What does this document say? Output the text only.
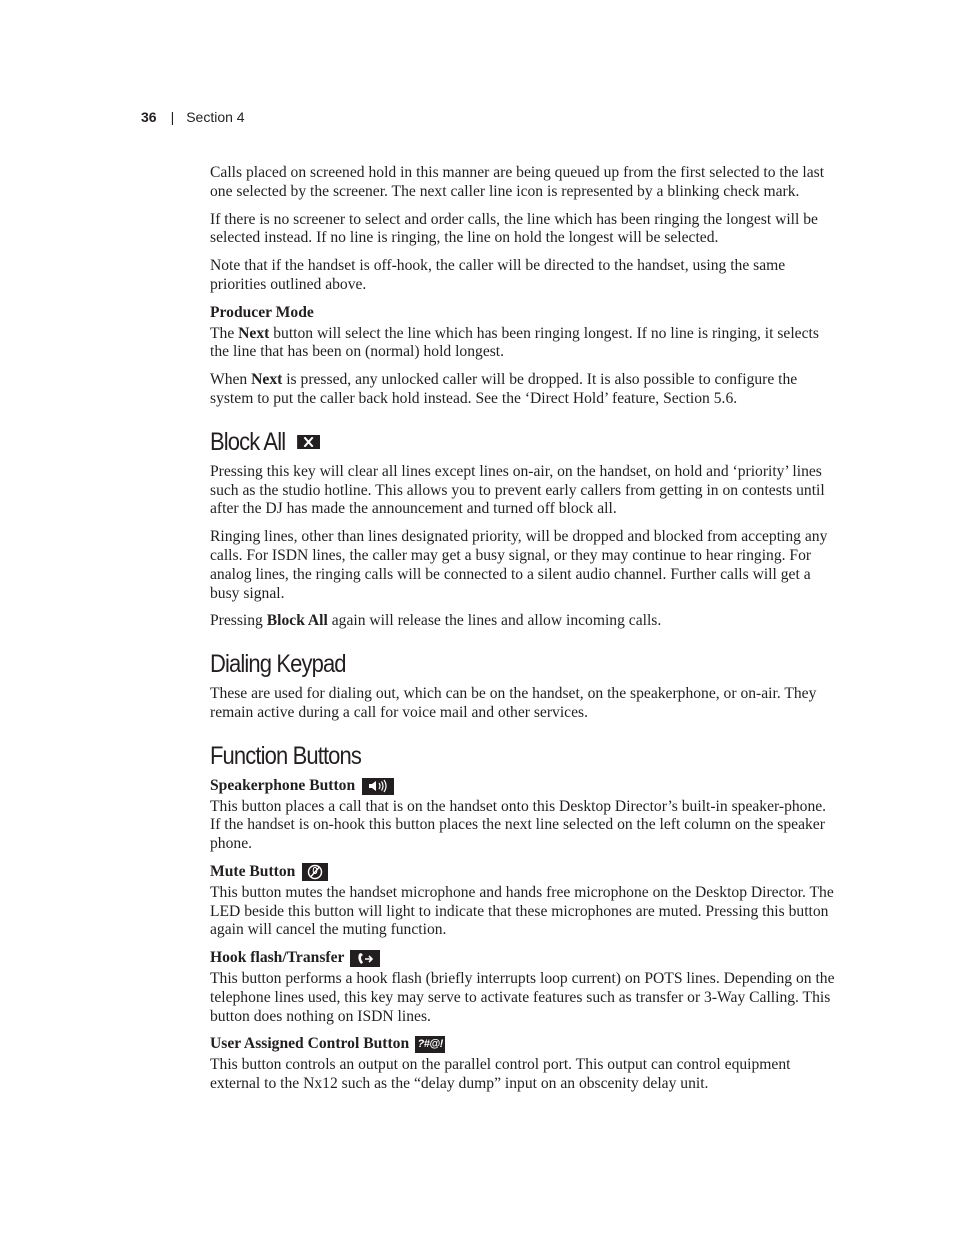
36 | Section 4

Calls placed on screened hold in this manner are being queued up from the first selected to the last one selected by the screener. The next caller line icon is represented by a blinking check mark.

If there is no screener to select and order calls, the line which has been ringing the longest will be selected instead. If no line is ringing, the line on hold the longest will be selected.

Note that if the handset is off-hook, the caller will be directed to the handset, using the same priorities outlined above.

Producer Mode

The Next button will select the line which has been ringing longest. If no line is ringing, it selects the line that has been on (normal) hold longest.

When Next is pressed, any unlocked caller will be dropped. It is also possible to configure the system to put the caller back hold instead. See the ‘Direct Hold’ feature, Section 5.6.

Block All

Pressing this key will clear all lines except lines on-air, on the handset, on hold and ‘priority’ lines such as the studio hotline. This allows you to prevent early callers from getting in on contests until after the DJ has made the announcement and turned off block all.

Ringing lines, other than lines designated priority, will be dropped and blocked from accepting any calls. For ISDN lines, the caller may get a busy signal, or they may continue to hear ringing. For analog lines, the ringing calls will be connected to a silent audio channel. Further calls will get a busy signal.

Pressing Block All again will release the lines and allow incoming calls.

Dialing Keypad

These are used for dialing out, which can be on the handset, on the speakerphone, or on-air. They remain active during a call for voice mail and other services.

Function Buttons
Speakerphone Button

This button places a call that is on the handset onto this Desktop Director’s built-in speaker-phone. If the handset is on-hook this button places the next line selected on the left column on the speaker phone.

Mute Button

This button mutes the handset microphone and hands free microphone on the Desktop Director. The LED beside this button will light to indicate that these microphones are muted. Pressing this button again will cancel the muting function.

Hook flash/Transfer

This button performs a hook flash (briefly interrupts loop current) on POTS lines. Depending on the telephone lines used, this key may serve to activate features such as transfer or 3-Way Calling. This button does nothing on ISDN lines.

User Assigned Control Button ?#@!

This button controls an output on the parallel control port. This output can control equipment external to the Nx12 such as the “delay dump” input on an obscenity delay unit.
